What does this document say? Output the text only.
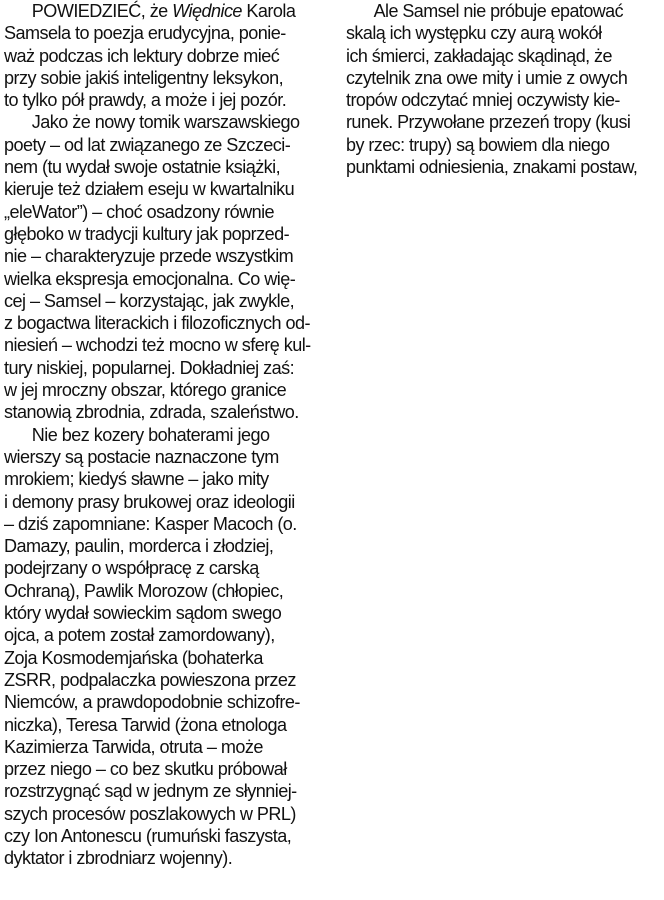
POWIEDZIEĆ, że Więdnice Karola
Samsela to poezja erudycyjna, ponie-
waż podczas ich lektury dobrze mieć
przy sobie jakiś inteligentny leksykon,
to tylko pół prawdy, a może i jej pozór.
Jako że nowy tomik warszawskiego
poety – od lat związanego ze Szczeci-
nem (tu wydał swoje ostatnie książki,
kieruje też działem eseju w kwartalniku
„eleWator”) – choć osadzony równie
głęboko w tradycji kultury jak poprzed-
nie – charakteryzuje przede wszystkim
wielka ekspresja emocjonalna. Co wię-
cej – Samsel – korzystając, jak zwykle,
z bogactwa literackich i filozoficznych od-
niesień – wchodzi też mocno w sferę kul-
tury niskiej, popularnej. Dokładniej zaś:
w jej mroczny obszar, którego granice
stanowią zbrodnia, zdrada, szaleństwo.
Nie bez kozery bohaterami jego
wierszy są postacie naznaczone tym
mrokiem; kiedyś sławne – jako mity
i demony prasy brukowej oraz ideologii
– dziś zapomniane: Kasper Macoch (o.
Damazy, paulin, morderca i złodziej,
podejrzany o współpracę z carską
Ochraną), Pawlik Morozow (chłopiec,
który wydał sowieckim sądom swego
ojca, a potem został zamordowany),
Zoja Kosmodemjańska (bohaterka
ZSRR, podpalaczka powieszona przez
Niemców, a prawdopodobnie schizofre-
niczka), Teresa Tarwid (żona etnologa
Kazimierza Tarwida, otruta – może
przez niego – co bez skutku próbował
rozstrzygnąć sąd w jednym ze słynniej-
szych procesów poszlakowych w PRL)
czy Ion Antonescu (rumuński faszysta,
dyktator i zbrodniarz wojenny).
Ale Samsel nie próbuje epatować
skalą ich występku czy aurą wokół
ich śmierci, zakładając skądinąd, że
czytelnik zna owe mity i umie z owych
tropów odczytać mniej oczywisty kie-
runek. Przywołane przezeń tropy (kusi
by rzec: trupy) są bowiem dla niego
punktami odniesienia, znakami postaw,
